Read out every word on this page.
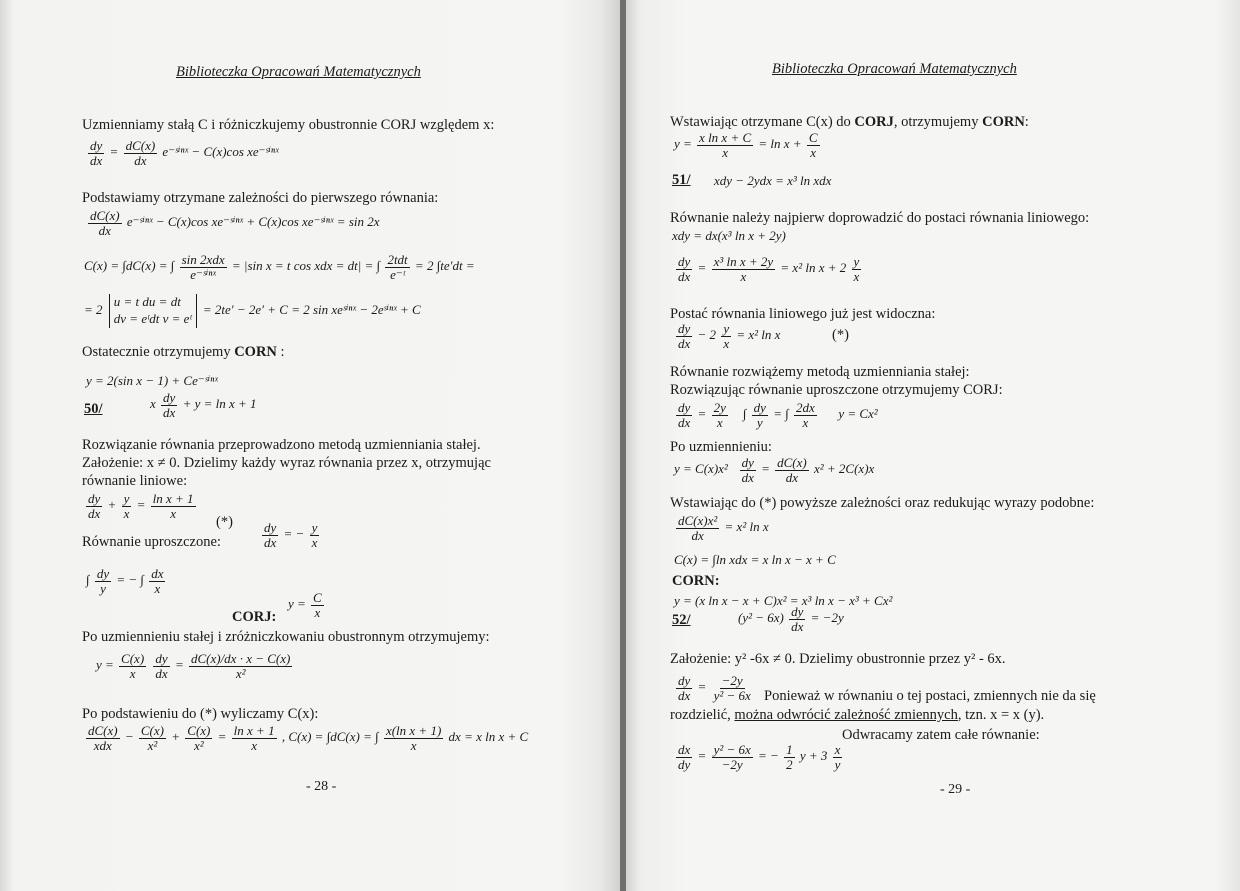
Biblioteczka Opracowań Matematycznych
Uzmienniamy stałą C i różniczkujemy obustronnie CORJ względem x:
$\frac{dy}{dx} = \frac{dC(x)}{dx}$ e⁻ˢⁱⁿˣ − C(x)cos xe⁻ˢⁱⁿˣ
Podstawiamy otrzymane zależności do pierwszego równania:
$\frac{dC(x)}{dx}$ e⁻ˢⁱⁿˣ − C(x)cos xe⁻ˢⁱⁿˣ + C(x)cos xe⁻ˢⁱⁿˣ = sin 2x
C(x) = ∫dC(x) = ∫ $\frac{\text{sin 2xdx}}{\text{e⁻ˢⁱⁿˣ}} = |\sin$ x = t cos xdx = dt| = ∫ $\frac{\text{2tdt}}{\text{e⁻ᵗ}} = 2$ ∫te′dt =
= 2
u = t du = dt
dv = eᵗdt v = eᵗ
= 2te′ − 2e′ + C = 2 sin xeˢⁱⁿˣ − 2eˢⁱⁿˣ + C
Ostatecznie otrzymujemy CORN :
y = 2(sin x − 1) + Ce⁻ˢⁱⁿˣ
50/	x $\frac{dy}{dx} + y = \ln x + 1$
Rozwiązanie równania przeprowadzono metodą uzmienniania stałej.
Założenie: x ≠ 0. Dzielimy każdy wyraz równania przez x, otrzymując
równanie liniowe:
$\frac{dy}{dx} + \frac{y}{x} = \frac{\text{ln x + 1}}{x}$
(*)
Równanie uproszczone:	$\frac{dy}{dx}$ = − $\frac{y}{x}$
∫ $\frac{dy}{y}$ = − ∫ $\frac{dx}{x}$
CORJ:
$y = \frac{C}{x}$
Po uzmiennieniu stałej i zróżniczkowaniu obustronnym otrzymujemy:
$y = \frac{C(x)}{x}$
$\frac{dy}{dx} = \frac{dC(x)/dx \cdot x - C(x)}{\text{x²}}$
Po podstawieniu do (*) wyliczamy C(x):
$\frac{dC(x)}{\text{xdx}} - \frac{C(x)}{\text{x²}} + \frac{C(x)}{\text{x²}} = \frac{\text{ln x + 1}}{x}$ , C(x) = ∫dC(x) = ∫ $\frac{\text{x(ln x + 1)}}{x}$ dx = x ln x + C
- 28 -
Biblioteczka Opracowań Matematycznych
Wstawiając otrzymane C(x) do CORJ, otrzymujemy CORN:
$y = \frac{\text{x ln x + C}}{x} = \ln x + \frac{C}{x}$
51/ xdy − 2ydx = x³ ln xdx
Równanie należy najpierw doprowadzić do postaci równania liniowego:
xdy = dx(x³ ln x + 2y)
$\frac{dy}{dx} = \frac{\text{x³ ln x + 2y}}{x} = x^2$ $\ln x + 2 \frac{y}{x}$
Postać równania liniowego już jest widoczna:
$\frac{dy}{dx} - 2 \frac{y}{x} = x^2$ ln x	(*)
Równanie rozwiążemy metodą uzmienniania stałej:
Rozwiązując równanie uproszczone otrzymujemy CORJ:
$\frac{dy}{dx} = \frac{2y}{x}$ ∫ $\frac{dy}{y}$ = ∫ $\frac{2dx}{x}$ y = Cx²
Po uzmiennieniu:
$y = C(x)x^2 \frac{dy}{dx} = \frac{dC(x)}{dx} x^2 + 2C(x)x$
Wstawiając do (*) powyższe zależności oraz redukując wyrazy podobne:
$\frac{\text{dC(x)x²}}{dx} = x^2$ ln x
C(x) = ∫ln xdx = x ln x − x + C
CORN:
y = (x ln x − x + C)x² = x³ ln x − x³ + Cx²
52/	$(y^2 - 6x) \frac{dy}{dx} = -2y$
Założenie: y² -6x ≠ 0. Dzielimy obustronnie przez y² - 6x.
$\frac{dy}{dx} = \frac{-2y}{\text{y² − 6x}}$ Ponieważ w równaniu o tej postaci, zmiennych nie da się
rozdzielić, można odwrócić zależność zmiennych, tzn. x = x (y).
Odwracamy zatem całe równanie:
$\frac{dx}{dy} = \frac{\text{y² − 6x}}{-2y}$ = − $\frac{1}{2}$ $y + 3 \frac{x}{y}$
- 29 -
